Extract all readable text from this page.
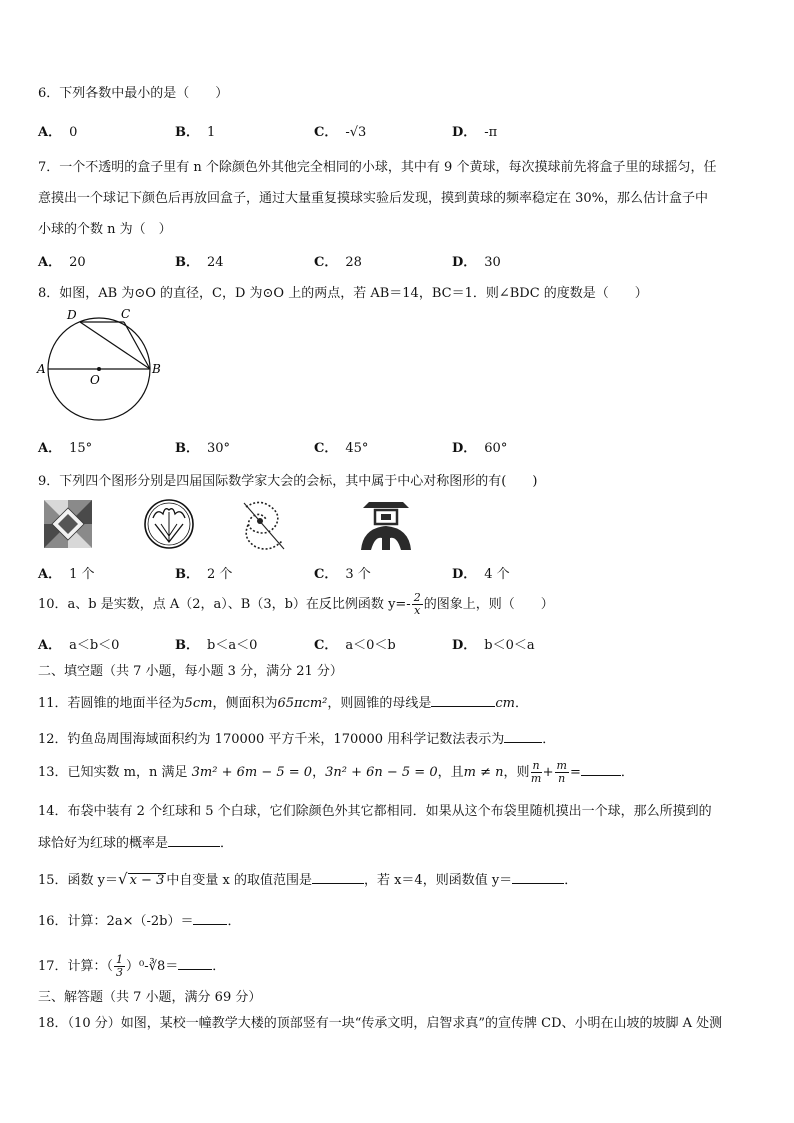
6．下列各数中最小的是（　　）
A． 0	B． 1	C． -√3	D． -π
7．一个不透明的盒子里有 n 个除颜色外其他完全相同的小球，其中有 9 个黄球，每次摸球前先将盒子里的球摇匀，任
意摸出一个球记下颜色后再放回盒子，通过大量重复摸球实验后发现，摸到黄球的频率稳定在 30%，那么估计盒子中
小球的个数 n 为（　）
A． 20	B． 24	C． 28	D． 30
8．如图，AB 为⊙O 的直径，C，D 为⊙O 上的两点，若 AB＝14，BC＝1．则∠BDC 的度数是（　　）
A	B
C
D
O
A． 15°	B． 30°	C． 45°	D． 60°
9．下列四个图形分别是四届国际数学家大会的会标，其中属于中心对称图形的有(　　)
A． 1 个	B． 2 个	C． 3 个	D． 4 个
10．a、b 是实数，点 A（2，a）、B（3，b）在反比例函数 $y=- \frac{2}{x}$ 的图象上，则（　　）
A． a＜b＜0	B． b＜a＜0	C． a＜0＜b	D． b＜0＜a
二、填空题（共 7 小题，每小题 3 分，满分 21 分）
11．若圆锥的地面半径为5cm，侧面积为65πcm²，则圆锥的母线是	cm．
12．钓鱼岛周围海域面积约为 170000 平方千米，170000 用科学记数法表示为	．
13．已知实数 m，n 满足 3m² + 6m − 5 = 0，3n² + 6n − 5 = 0，且m ≠ n，则 $\frac{n}{m} + \frac{m}{n}$ =	．
14．布袋中装有 2 个红球和 5 个白球，它们除颜色外其它都相同．如果从这个布袋里随机摸出一个球，那么所摸到的
球恰好为红球的概率是	．
15．函数 y＝√ x − 3 中自变量 x 的取值范围是	，若 x＝4，则函数值 y＝	．
16．计算：2a×（-2b）＝	．
17．计算：（ $\frac{1}{3}$ ）⁰-∛8＝	．
三、解答题（共 7 小题，满分 69 分）
18．（10 分）如图，某校一幢教学大楼的顶部竖有一块“传承文明，启智求真”的宣传牌 CD、小明在山坡的坡脚 A 处测
